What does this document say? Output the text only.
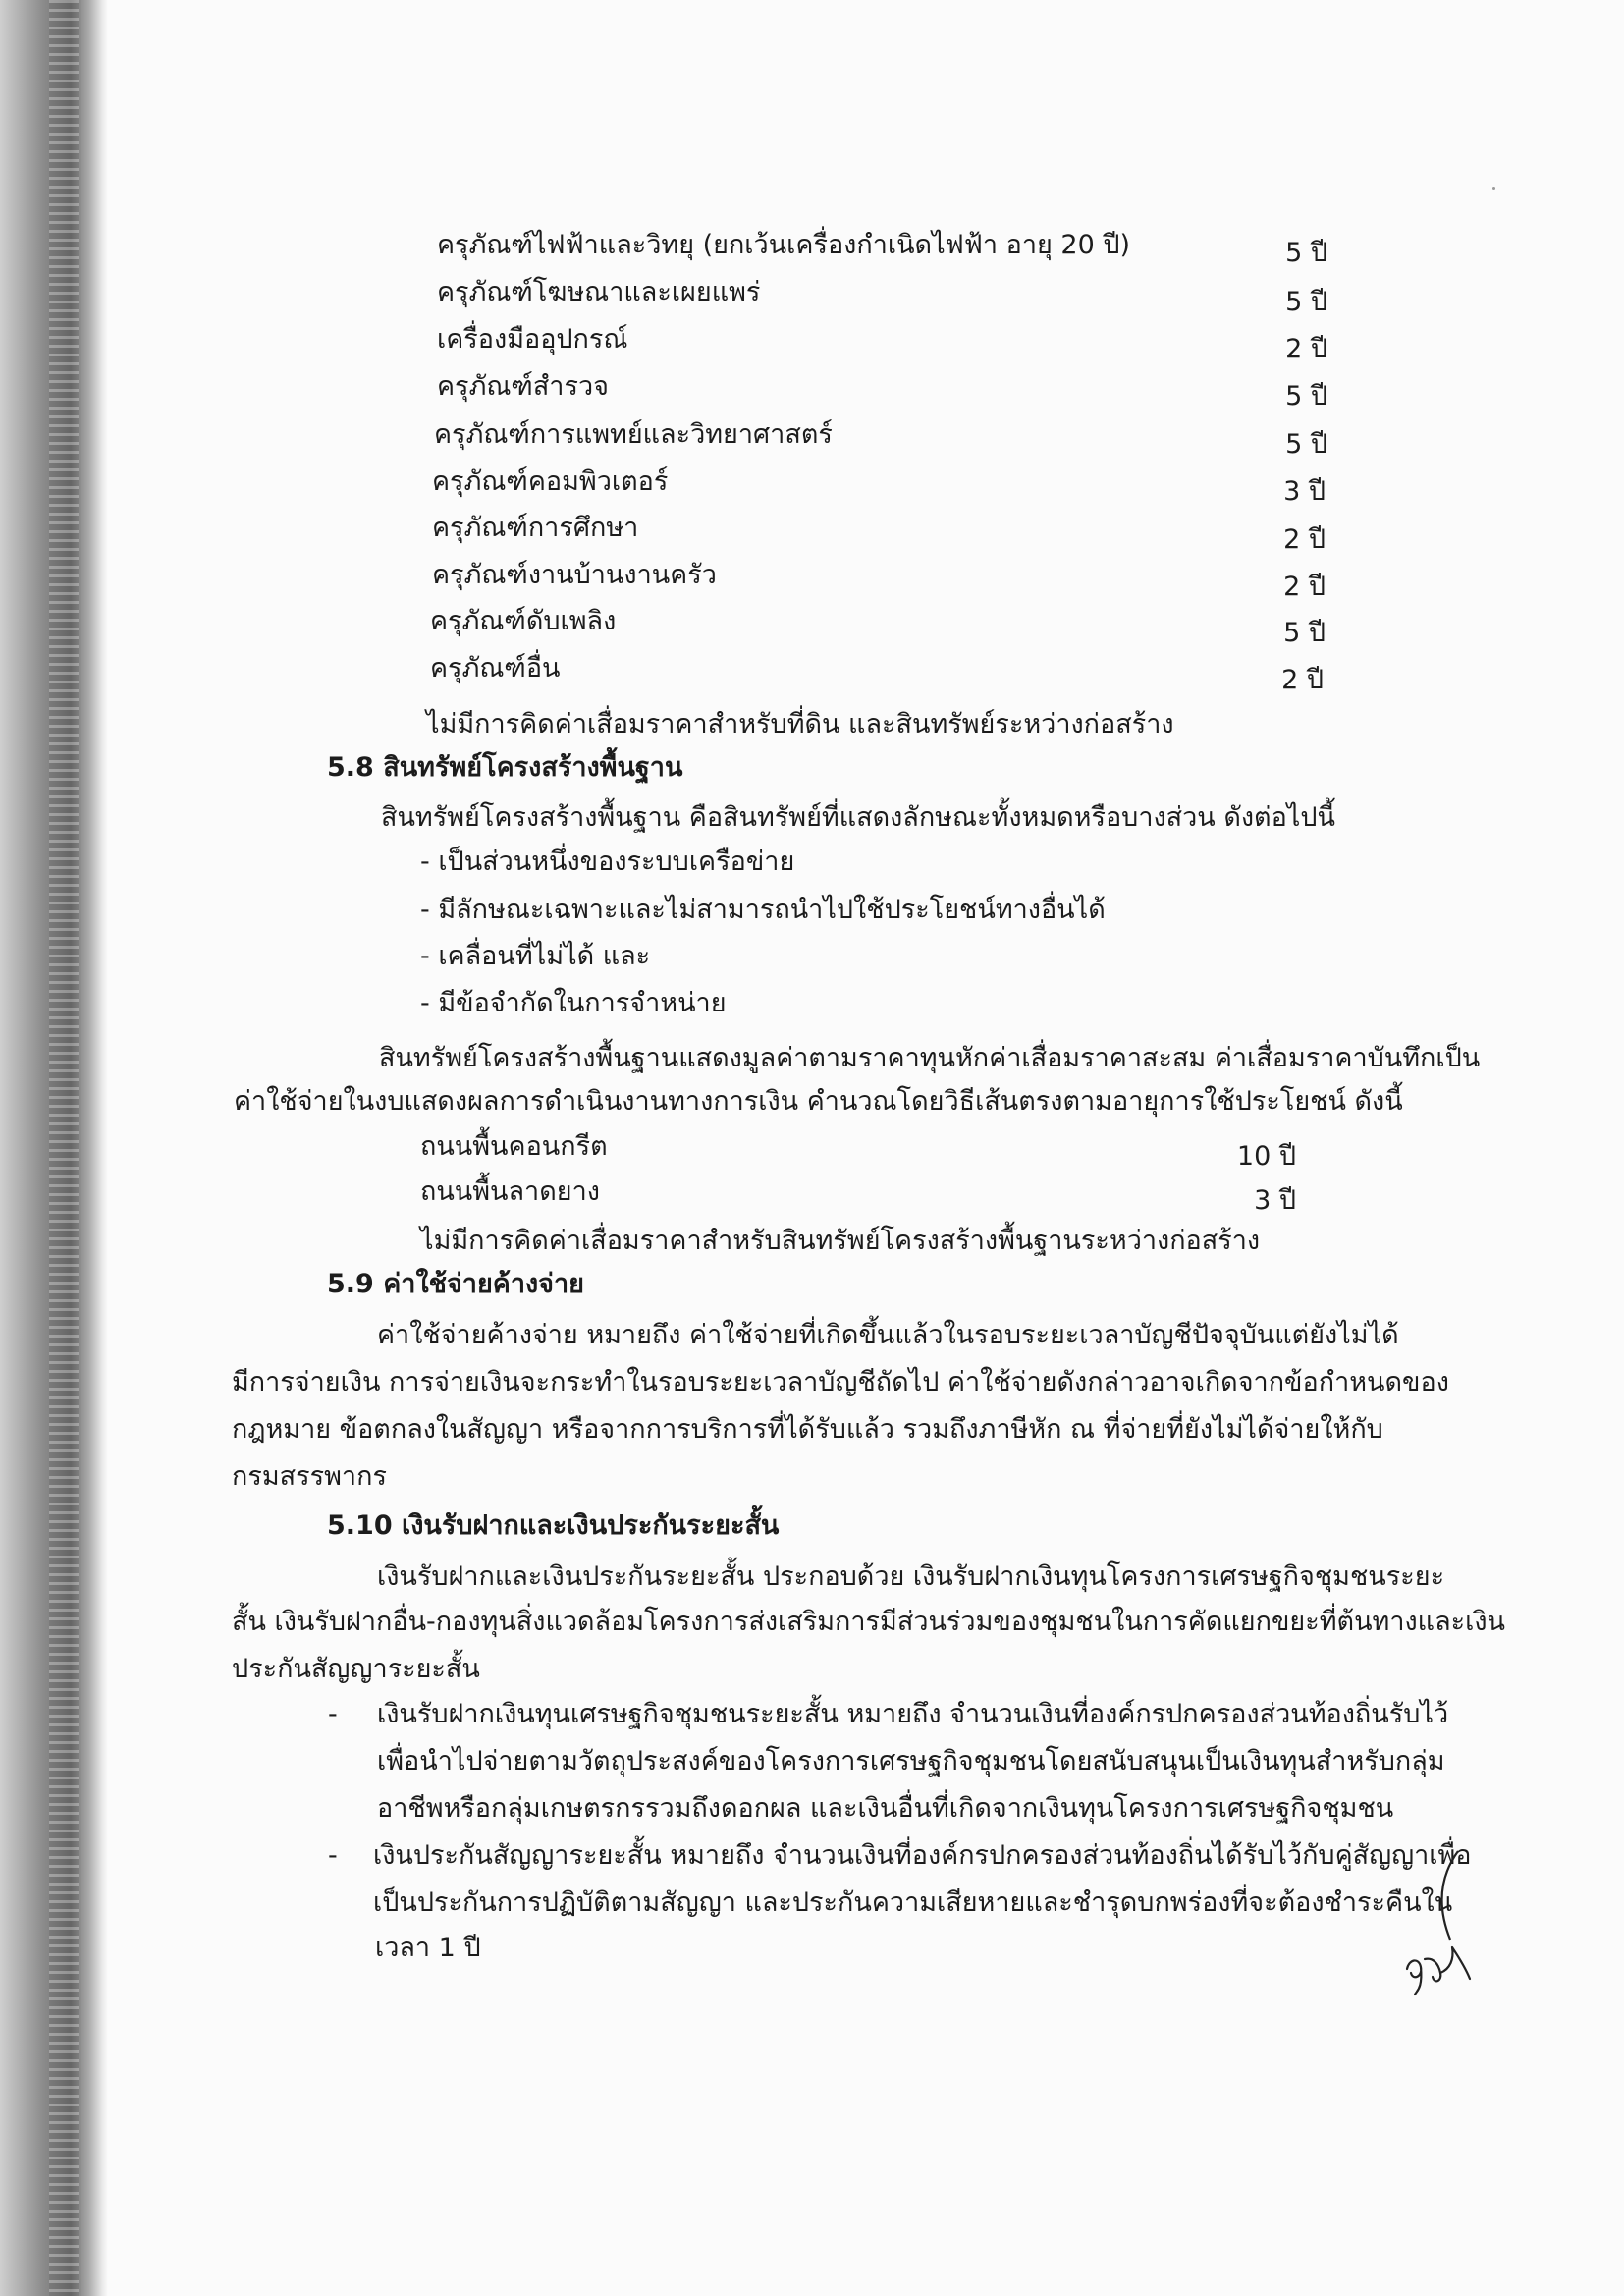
ครุภัณฑ์ไฟฟ้าและวิทยุ (ยกเว้นเครื่องกำเนิดไฟฟ้า อายุ 20 ปี)	5 ปี
ครุภัณฑ์โฆษณาและเผยแพร่	5 ปี
เครื่องมืออุปกรณ์	2 ปี
ครุภัณฑ์สำรวจ	5 ปี
ครุภัณฑ์การแพทย์และวิทยาศาสตร์	5 ปี
ครุภัณฑ์คอมพิวเตอร์	3 ปี
ครุภัณฑ์การศึกษา	2 ปี
ครุภัณฑ์งานบ้านงานครัว	2 ปี
ครุภัณฑ์ดับเพลิง	5 ปี
ครุภัณฑ์อื่น	2 ปี
ไม่มีการคิดค่าเสื่อมราคาสำหรับที่ดิน และสินทรัพย์ระหว่างก่อสร้าง
5.8 สินทรัพย์โครงสร้างพื้นฐาน
สินทรัพย์โครงสร้างพื้นฐาน คือสินทรัพย์ที่แสดงลักษณะทั้งหมดหรือบางส่วน ดังต่อไปนี้
- เป็นส่วนหนึ่งของระบบเครือข่าย
- มีลักษณะเฉพาะและไม่สามารถนำไปใช้ประโยชน์ทางอื่นได้
- เคลื่อนที่ไม่ได้ และ
- มีข้อจำกัดในการจำหน่าย
สินทรัพย์โครงสร้างพื้นฐานแสดงมูลค่าตามราคาทุนหักค่าเสื่อมราคาสะสม ค่าเสื่อมราคาบันทึกเป็น
ค่าใช้จ่ายในงบแสดงผลการดำเนินงานทางการเงิน คำนวณโดยวิธีเส้นตรงตามอายุการใช้ประโยชน์ ดังนี้
ถนนพื้นคอนกรีต	10 ปี
ถนนพื้นลาดยาง	3 ปี
ไม่มีการคิดค่าเสื่อมราคาสำหรับสินทรัพย์โครงสร้างพื้นฐานระหว่างก่อสร้าง
5.9 ค่าใช้จ่ายค้างจ่าย
ค่าใช้จ่ายค้างจ่าย หมายถึง ค่าใช้จ่ายที่เกิดขึ้นแล้วในรอบระยะเวลาบัญชีปัจจุบันแต่ยังไม่ได้
มีการจ่ายเงิน การจ่ายเงินจะกระทำในรอบระยะเวลาบัญชีถัดไป ค่าใช้จ่ายดังกล่าวอาจเกิดจากข้อกำหนดของ
กฎหมาย ข้อตกลงในสัญญา หรือจากการบริการที่ได้รับแล้ว รวมถึงภาษีหัก ณ ที่จ่ายที่ยังไม่ได้จ่ายให้กับ
กรมสรรพากร
5.10 เงินรับฝากและเงินประกันระยะสั้น
เงินรับฝากและเงินประกันระยะสั้น ประกอบด้วย เงินรับฝากเงินทุนโครงการเศรษฐกิจชุมชนระยะ
สั้น เงินรับฝากอื่น-กองทุนสิ่งแวดล้อมโครงการส่งเสริมการมีส่วนร่วมของชุมชนในการคัดแยกขยะที่ต้นทางและเงิน
ประกันสัญญาระยะสั้น
- เงินรับฝากเงินทุนเศรษฐกิจชุมชนระยะสั้น หมายถึง จำนวนเงินที่องค์กรปกครองส่วนท้องถิ่นรับไว้
เพื่อนำไปจ่ายตามวัตถุประสงค์ของโครงการเศรษฐกิจชุมชนโดยสนับสนุนเป็นเงินทุนสำหรับกลุ่ม
อาชีพหรือกลุ่มเกษตรกรรวมถึงดอกผล และเงินอื่นที่เกิดจากเงินทุนโครงการเศรษฐกิจชุมชน
- เงินประกันสัญญาระยะสั้น หมายถึง จำนวนเงินที่องค์กรปกครองส่วนท้องถิ่นได้รับไว้กับคู่สัญญาเพื่อ
เป็นประกันการปฏิบัติตามสัญญา และประกันความเสียหายและชำรุดบกพร่องที่จะต้องชำระคืนใน
เวลา 1 ปี
